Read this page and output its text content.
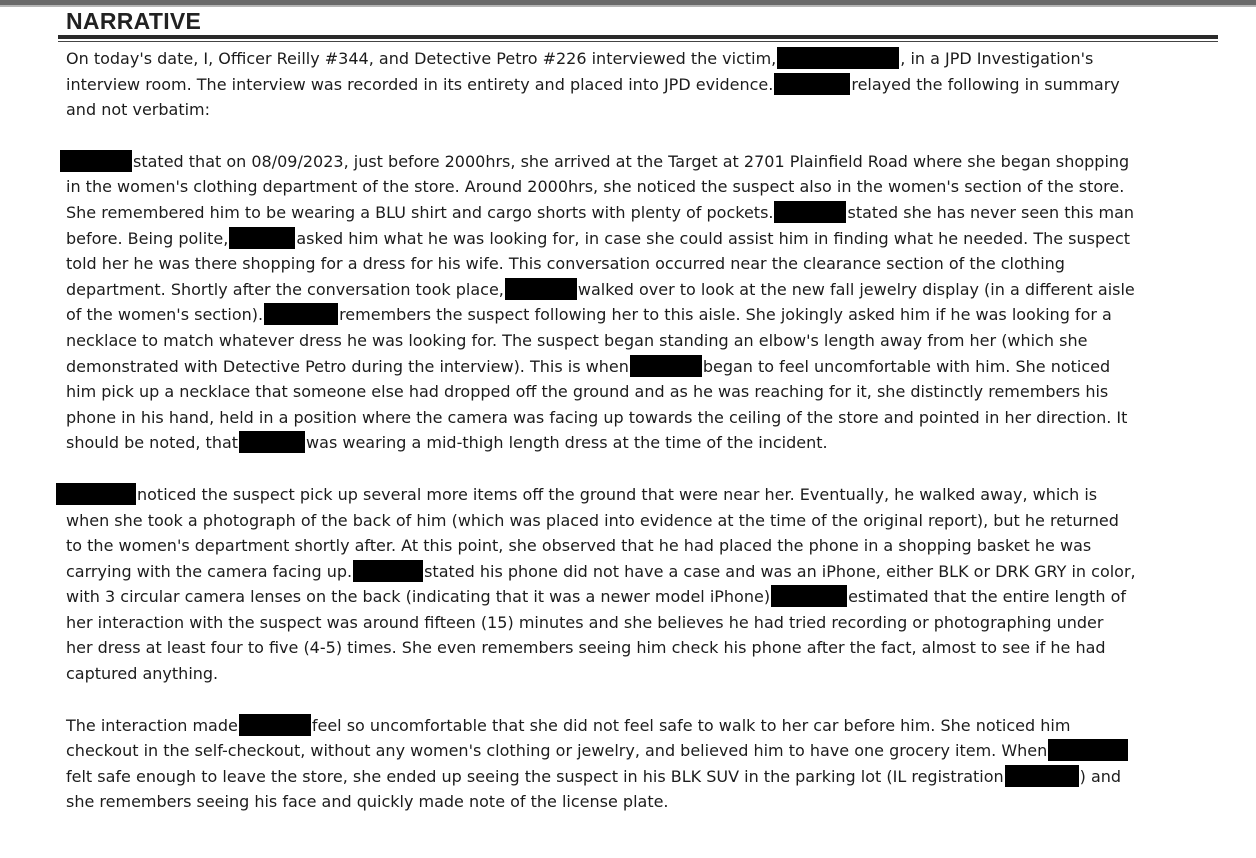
NARRATIVE
On today's date, I, Officer Reilly #344, and Detective Petro #226 interviewed the victim,	, in a JPD Investigation's
interview room. The interview was recorded in its entirety and placed into JPD evidence.	relayed the following in summary
and not verbatim:
stated that on 08/09/2023, just before 2000hrs, she arrived at the Target at 2701 Plainfield Road where she began shopping
in the women's clothing department of the store. Around 2000hrs, she noticed the suspect also in the women's section of the store.
She remembered him to be wearing a BLU shirt and cargo shorts with plenty of pockets.	stated she has never seen this man
before. Being polite,	asked him what he was looking for, in case she could assist him in finding what he needed. The suspect
told her he was there shopping for a dress for his wife. This conversation occurred near the clearance section of the clothing
department. Shortly after the conversation took place,	walked over to look at the new fall jewelry display (in a different aisle
of the women's section).	remembers the suspect following her to this aisle. She jokingly asked him if he was looking for a
necklace to match whatever dress he was looking for. The suspect began standing an elbow's length away from her (which she
demonstrated with Detective Petro during the interview). This is when	began to feel uncomfortable with him. She noticed
him pick up a necklace that someone else had dropped off the ground and as he was reaching for it, she distinctly remembers his
phone in his hand, held in a position where the camera was facing up towards the ceiling of the store and pointed in her direction. It
should be noted, that	was wearing a mid-thigh length dress at the time of the incident.
noticed the suspect pick up several more items off the ground that were near her. Eventually, he walked away, which is
when she took a photograph of the back of him (which was placed into evidence at the time of the original report), but he returned
to the women's department shortly after. At this point, she observed that he had placed the phone in a shopping basket he was
carrying with the camera facing up.	stated his phone did not have a case and was an iPhone, either BLK or DRK GRY in color,
with 3 circular camera lenses on the back (indicating that it was a newer model iPhone)	estimated that the entire length of
her interaction with the suspect was around fifteen (15) minutes and she believes he had tried recording or photographing under
her dress at least four to five (4-5) times. She even remembers seeing him check his phone after the fact, almost to see if he had
captured anything.
The interaction made	feel so uncomfortable that she did not feel safe to walk to her car before him. She noticed him
checkout in the self-checkout, without any women's clothing or jewelry, and believed him to have one grocery item. When
felt safe enough to leave the store, she ended up seeing the suspect in his BLK SUV in the parking lot (IL registration	) and
she remembers seeing his face and quickly made note of the license plate.
